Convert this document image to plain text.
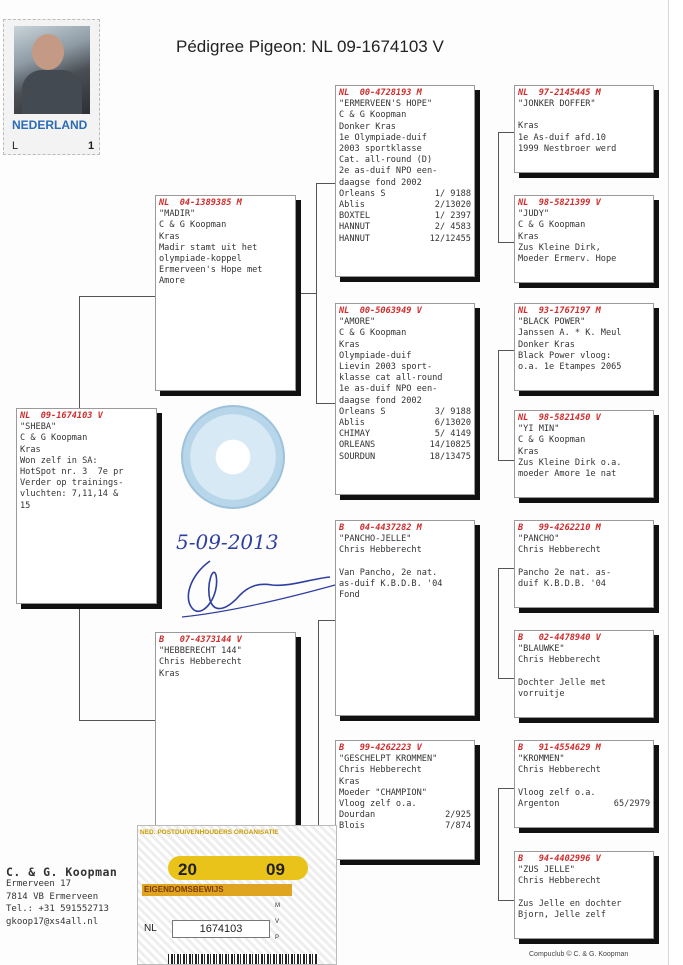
Pédigree Pigeon: NL 09-1674103 V
NEDERLAND
L	1
NL  09-1674103 V
"SHEBA"
C & G Koopman
Kras
Won zelf in SA:
HotSpot nr. 3  7e pr
Verder op trainings-
vluchten: 7,11,14 &
15
NL  04-1389385 M
"MADIR"
C & G Koopman
Kras
Madir stamt uit het
olympiade-koppel
Ermerveen's Hope met
Amore
B   07-4373144 V
"HEBBERECHT 144"
Chris Hebberecht
Kras
NL  00-4728193 M
"ERMERVEEN'S HOPE"
C & G Koopman
Donker Kras
1e Olympiade-duif
2003 sportklasse
Cat. all-round (D)
2e as-duif NPO een-
daagse fond 2002
Orleans S	1/ 9188
Ablis	2/13020
BOXTEL	1/ 2397
HANNUT	2/ 4583
HANNUT	12/12455
NL  00-5063949 V
"AMORE"
C & G Koopman
Kras
Olympiade-duif
Lievin 2003 sport-
klasse cat all-round
1e as-duif NPO een-
daagse fond 2002
Orleans S	3/ 9188
Ablis	6/13020
CHIMAY	5/ 4149
ORLEANS	14/10825
SOURDUN	18/13475
B   04-4437282 M
"PANCHO-JELLE"
Chris Hebberecht
Van Pancho, 2e nat.
as-duif K.B.D.B. '04
Fond
B   99-4262223 V
"GESCHELPT KROMMEN"
Chris Hebberecht
Kras
Moeder "CHAMPION"
Vloog zelf o.a.
Dourdan	2/925
Blois	7/874
NL  97-2145445 M
"JONKER DOFFER"
Kras
1e As-duif afd.10
1999 Nestbroer werd
NL  98-5821399 V
"JUDY"
C & G Koopman
Kras
Zus Kleine Dirk,
Moeder Ermerv. Hope
NL  93-1767197 M
"BLACK POWER"
Janssen A. * K. Meul
Donker Kras
Black Power vloog:
o.a. 1e Etampes 2065
NL  98-5821450 V
"YI MIN"
C & G Koopman
Kras
Zus Kleine Dirk o.a.
moeder Amore 1e nat
B   99-4262210 M
"PANCHO"
Chris Hebberecht
Pancho 2e nat. as-
duif K.B.D.B. '04
B   02-4478940 V
"BLAUWKE"
Chris Hebberecht
Dochter Jelle met
vorruitje
B   91-4554629 M
"KROMMEN"
Chris Hebberecht
Vloog zelf o.a.
Argenton	65/2979
B   94-4402996 V
"ZUS JELLE"
Chris Hebberecht
Zus Jelle en dochter
Bjorn, Jelle zelf
5-09-2013
C. & G. Koopman
Ermerveen 17
7814 VB Ermerveen
Tel.: +31 591552713
gkoop17@xs4all.nl
NED. POSTDUIVENHOUDERS ORGANISATIE
20	09
EIGENDOMSBEWIJS
NL	1674103
M
V
P
Compuclub © C. & G. Koopman
